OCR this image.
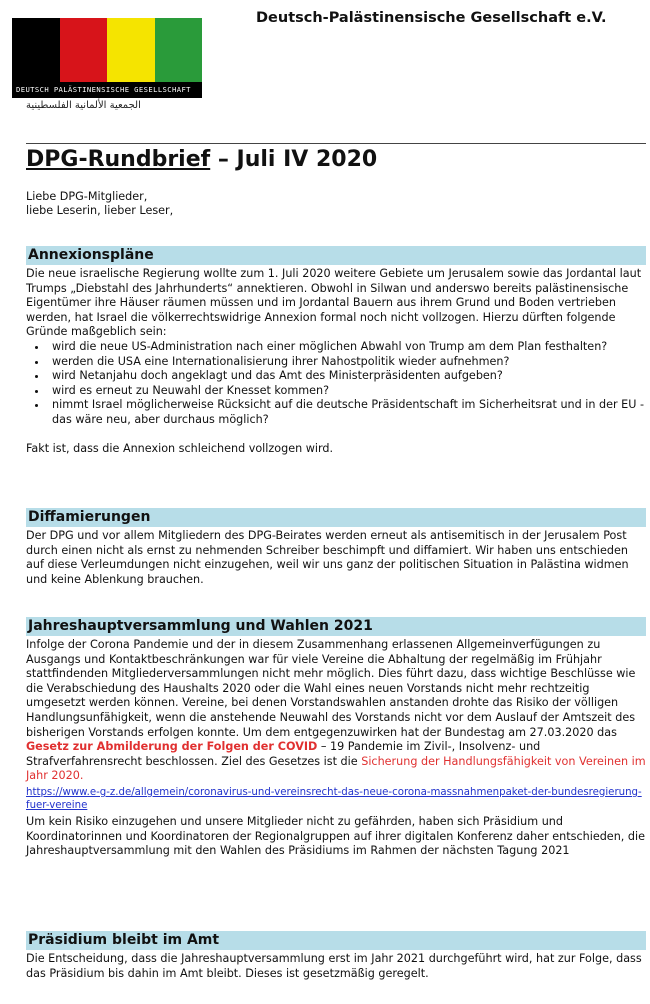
DEUTSCH PALÄSTINENSISCHE GESELLSCHAFT
الجمعية الألمانية الفلسطينية
Deutsch-Palästinensische Gesellschaft e.V.
DPG-Rundbrief – Juli IV 2020
Liebe DPG-Mitglieder,
liebe Leserin, lieber Leser,
Annexionspläne

Die neue israelische Regierung wollte zum 1. Juli 2020 weitere Gebiete um Jerusalem sowie das Jordantal laut Trumps „Diebstahl des Jahrhunderts“ annektieren. Obwohl in Silwan und anderswo bereits palästinensische Eigentümer ihre Häuser räumen müssen und im Jordantal Bauern aus ihrem Grund und Boden vertrieben werden, hat Israel die völkerrechtswidrige Annexion formal noch nicht vollzogen. Hierzu dürften folgende Gründe maßgeblich sein:

• wird die neue US-Administration nach einer möglichen Abwahl von Trump am dem Plan festhalten?
• werden die USA eine Internationalisierung ihrer Nahostpolitik wieder aufnehmen?
• wird Netanjahu doch angeklagt und das Amt des Ministerpräsidenten aufgeben?
• wird es erneut zu Neuwahl der Knesset kommen?
• nimmt Israel möglicherweise Rücksicht auf die deutsche Präsidentschaft im Sicherheitsrat und in der EU - das wäre neu, aber durchaus möglich?

Fakt ist, dass die Annexion schleichend vollzogen wird.

Diffamierungen

Der DPG und vor allem Mitgliedern des DPG-Beirates werden erneut als antisemitisch in der Jerusalem Post durch einen nicht als ernst zu nehmenden Schreiber beschimpft und diffamiert. Wir haben uns entschieden auf diese Verleumdungen nicht einzugehen, weil wir uns ganz der politischen Situation in Palästina widmen und keine Ablenkung brauchen.

Jahreshauptversammlung und Wahlen 2021

Infolge der Corona Pandemie und der in diesem Zusammenhang erlassenen Allgemeinverfügungen zu Ausgangs und Kontaktbeschränkungen war für viele Vereine die Abhaltung der regelmäßig im Frühjahr stattfindenden Mitgliederversammlungen nicht mehr möglich. Dies führt dazu, dass wichtige Beschlüsse wie die Verabschiedung des Haushalts 2020 oder die Wahl eines neuen Vorstands nicht mehr rechtzeitig umgesetzt werden können. Vereine, bei denen Vorstandswahlen anstanden drohte das Risiko der völligen Handlungsunfähigkeit, wenn die anstehende Neuwahl des Vorstands nicht vor dem Auslauf der Amtszeit des bisherigen Vorstands erfolgen konnte. Um dem entgegenzuwirken hat der Bundestag am 27.03.2020 das Gesetz zur Abmilderung der Folgen der COVID – 19 Pandemie im Zivil-, Insolvenz- und Strafverfahrensrecht beschlossen. Ziel des Gesetzes ist die Sicherung der Handlungsfähigkeit von Vereinen im Jahr 2020.

https://www.e-g-z.de/allgemein/coronavirus-und-vereinsrecht-das-neue-corona-massnahmenpaket-der-bundesregierung-fuer-vereine

Um kein Risiko einzugehen und unsere Mitglieder nicht zu gefährden, haben sich Präsidium und Koordinatorinnen und Koordinatoren der Regionalgruppen auf ihrer digitalen Konferenz daher entschieden, die Jahreshauptversammlung mit den Wahlen des Präsidiums im Rahmen der nächsten Tagung 2021

Präsidium bleibt im Amt

Die Entscheidung, dass die Jahreshauptversammlung erst im Jahr 2021 durchgeführt wird, hat zur Folge, dass das Präsidium bis dahin im Amt bleibt. Dieses ist gesetzmäßig geregelt.
